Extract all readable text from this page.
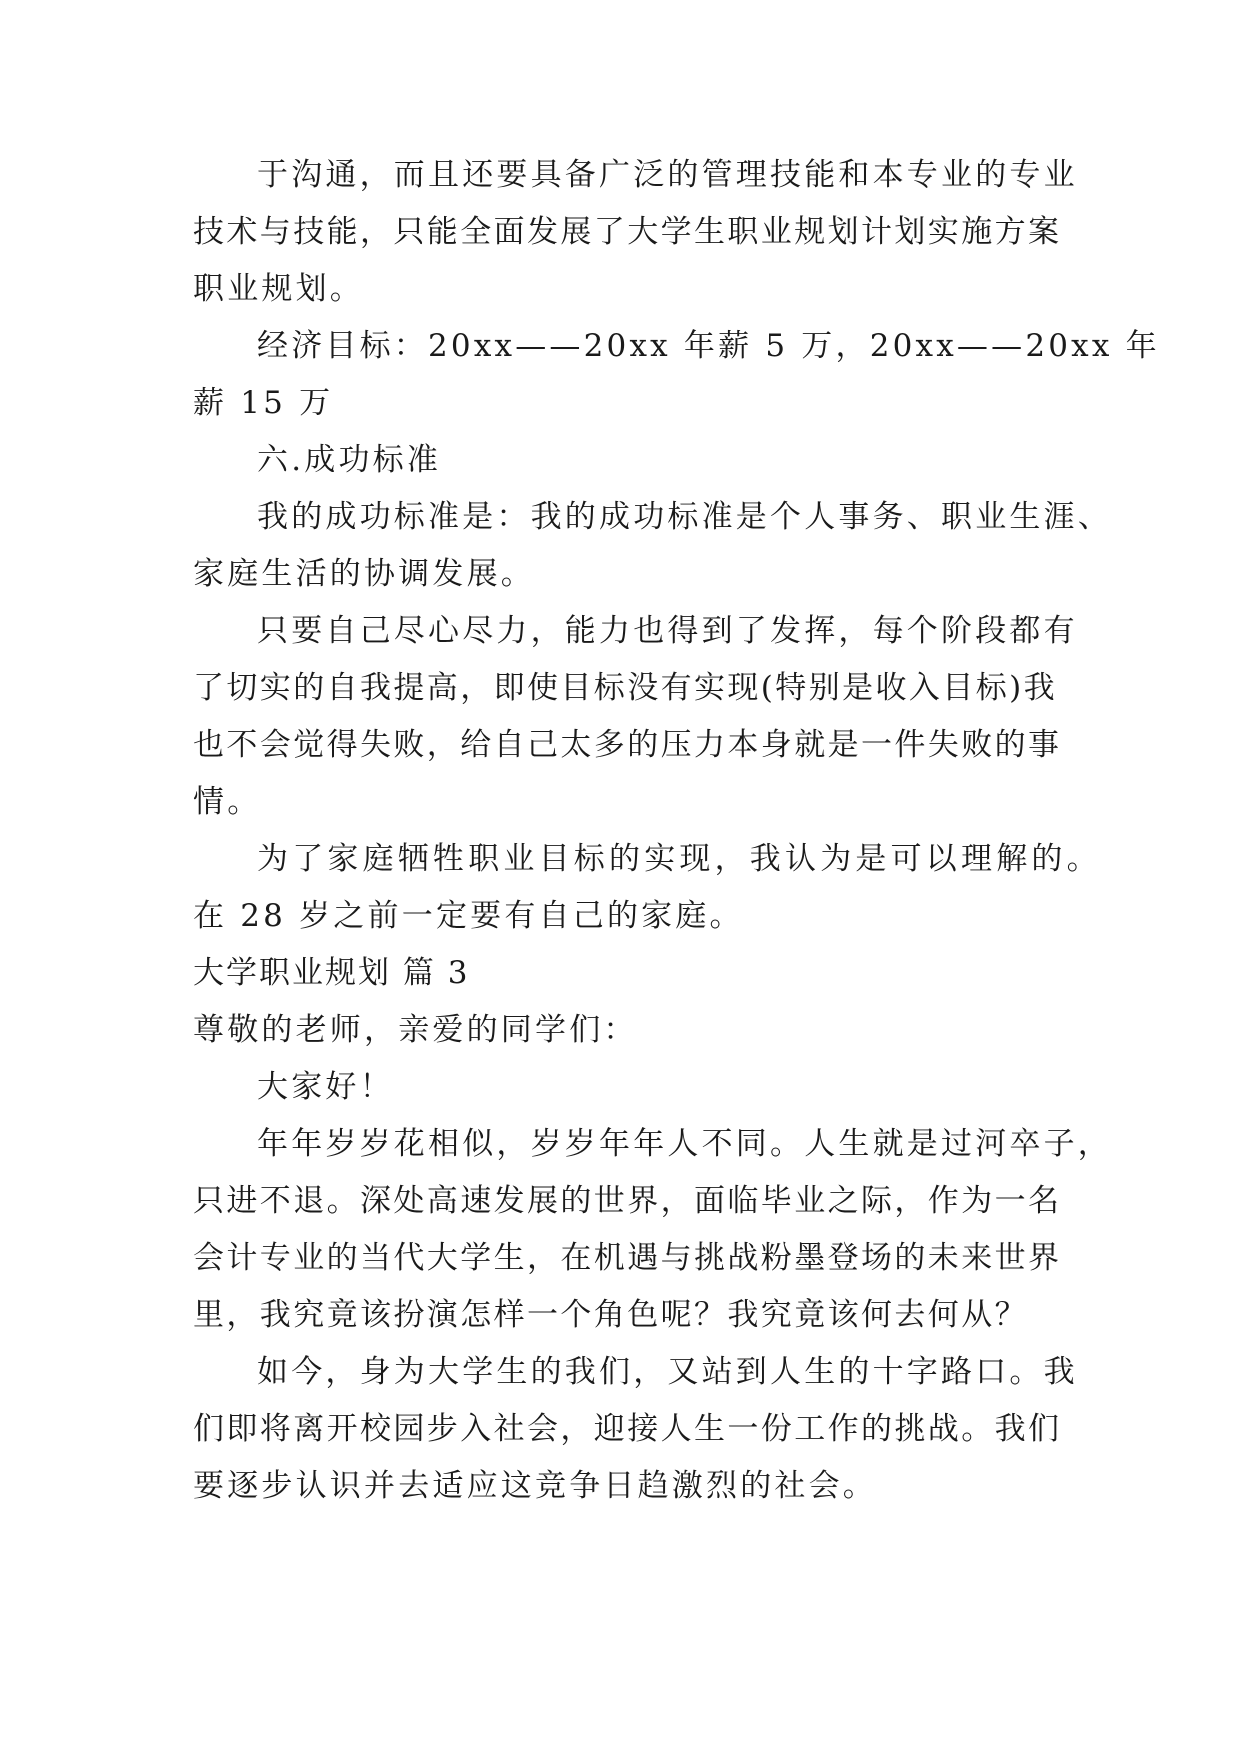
于沟通，而且还要具备广泛的管理技能和本专业的专业
技术与技能，只能全面发展了大学生职业规划计划实施方案
职业规划。
经济目标：20xx——20xx 年薪 5 万，20xx——20xx 年
薪 15 万
六.成功标准
我的成功标准是：我的成功标准是个人事务、职业生涯、
家庭生活的协调发展。
只要自己尽心尽力，能力也得到了发挥，每个阶段都有
了切实的自我提高，即使目标没有实现(特别是收入目标)我
也不会觉得失败，给自己太多的压力本身就是一件失败的事
情。
为了家庭牺牲职业目标的实现，我认为是可以理解的。
在 28 岁之前一定要有自己的家庭。
大学职业规划 篇 3
尊敬的老师，亲爱的同学们：
大家好！
年年岁岁花相似，岁岁年年人不同。人生就是过河卒子，
只进不退。深处高速发展的世界，面临毕业之际，作为一名
会计专业的当代大学生，在机遇与挑战粉墨登场的未来世界
里，我究竟该扮演怎样一个角色呢？我究竟该何去何从？
如今，身为大学生的我们，又站到人生的十字路口。我
们即将离开校园步入社会，迎接人生一份工作的挑战。我们
要逐步认识并去适应这竞争日趋激烈的社会。
